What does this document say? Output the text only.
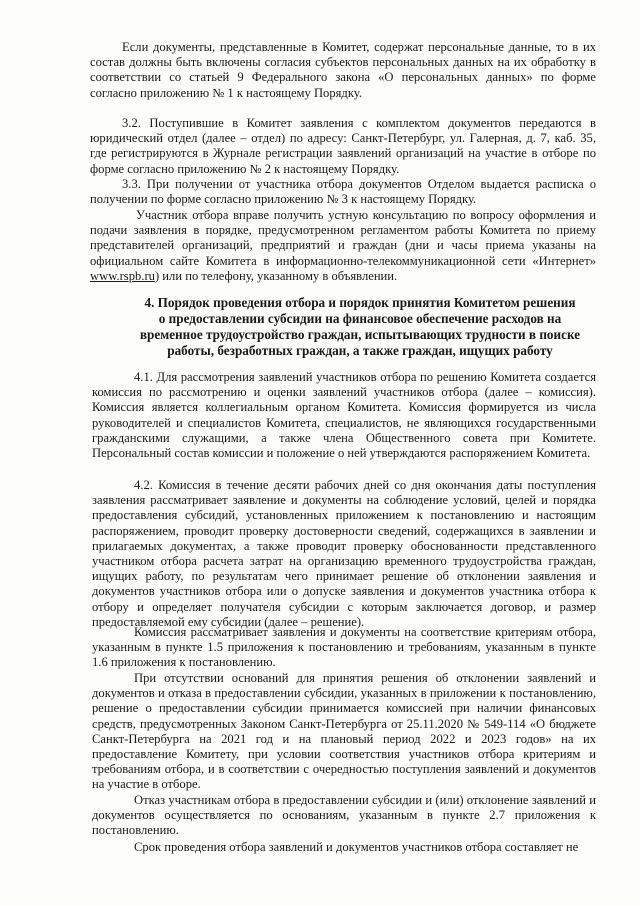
Если документы, представленные в Комитет, содержат персональные данные, то в их состав должны быть включены согласия субъектов персональных данных на их обработку в соответствии со статьей 9 Федерального закона «О персональных данных» по форме согласно приложению № 1 к настоящему Порядку.

3.2. Поступившие в Комитет заявления с комплектом документов передаются в юридический отдел (далее – отдел) по адресу: Санкт-Петербург, ул. Галерная, д. 7, каб. 35, где регистрируются в Журнале регистрации заявлений организаций на участие в отборе по форме согласно приложению № 2 к настоящему Порядку.

3.3. При получении от участника отбора документов Отделом выдается расписка о получении по форме согласно приложению № 3 к настоящему Порядку.

Участник отбора вправе получить устную консультацию по вопросу оформления и подачи заявления в порядке, предусмотренном регламентом работы Комитета по приему представителей организаций, предприятий и граждан (дни и часы приема указаны на официальном сайте Комитета в информационно-телекоммуникационной сети «Интернет» www.rspb.ru) или по телефону, указанному в объявлении.

4. Порядок проведения отбора и порядок принятия Комитетом решения
о предоставлении субсидии на финансовое обеспечение расходов на
временное трудоустройство граждан, испытывающих трудности в поиске
работы, безработных граждан, а также граждан, ищущих работу

4.1. Для рассмотрения заявлений участников отбора по решению Комитета создается комиссия по рассмотрению и оценки заявлений участников отбора (далее – комиссия). Комиссия является коллегиальным органом Комитета. Комиссия формируется из числа руководителей и специалистов Комитета, специалистов, не являющихся государственными гражданскими служащими, а также члена Общественного совета при Комитете. Персональный состав комиссии и положение о ней утверждаются распоряжением Комитета.

4.2. Комиссия в течение десяти рабочих дней со дня окончания даты поступления заявления рассматривает заявление и документы на соблюдение условий, целей и порядка предоставления субсидий, установленных приложением к постановлению и настоящим распоряжением, проводит проверку достоверности сведений, содержащихся в заявлении и прилагаемых документах, а также проводит проверку обоснованности представленного участником отбора расчета затрат на организацию временного трудоустройства граждан, ищущих работу, по результатам чего принимает решение об отклонении заявления и документов участников отбора или о допуске заявления и документов участника отбора к отбору и определяет получателя субсидии с которым заключается договор, и размер предоставляемой ему субсидии (далее – решение).

Комиссия рассматривает заявления и документы на соответствие критериям отбора, указанным в пункте 1.5 приложения к постановлению и требованиям, указанным в пункте 1.6 приложения к постановлению.

При отсутствии оснований для принятия решения об отклонении заявлений и документов и отказа в предоставлении субсидии, указанных в приложении к постановлению, решение о предоставлении субсидии принимается комиссией при наличии финансовых средств, предусмотренных Законом Санкт-Петербурга от 25.11.2020 № 549-114 «О бюджете Санкт-Петербурга на 2021 год и на плановый период 2022 и 2023 годов» на их предоставление Комитету, при условии соответствия участников отбора критериям и требованиям отбора, и в соответствии с очередностью поступления заявлений и документов на участие в отборе.

Отказ участникам отбора в предоставлении субсидии и (или) отклонение заявлений и документов осуществляется по основаниям, указанным в пункте 2.7 приложения к постановлению.

Срок проведения отбора заявлений и документов участников отбора составляет не
